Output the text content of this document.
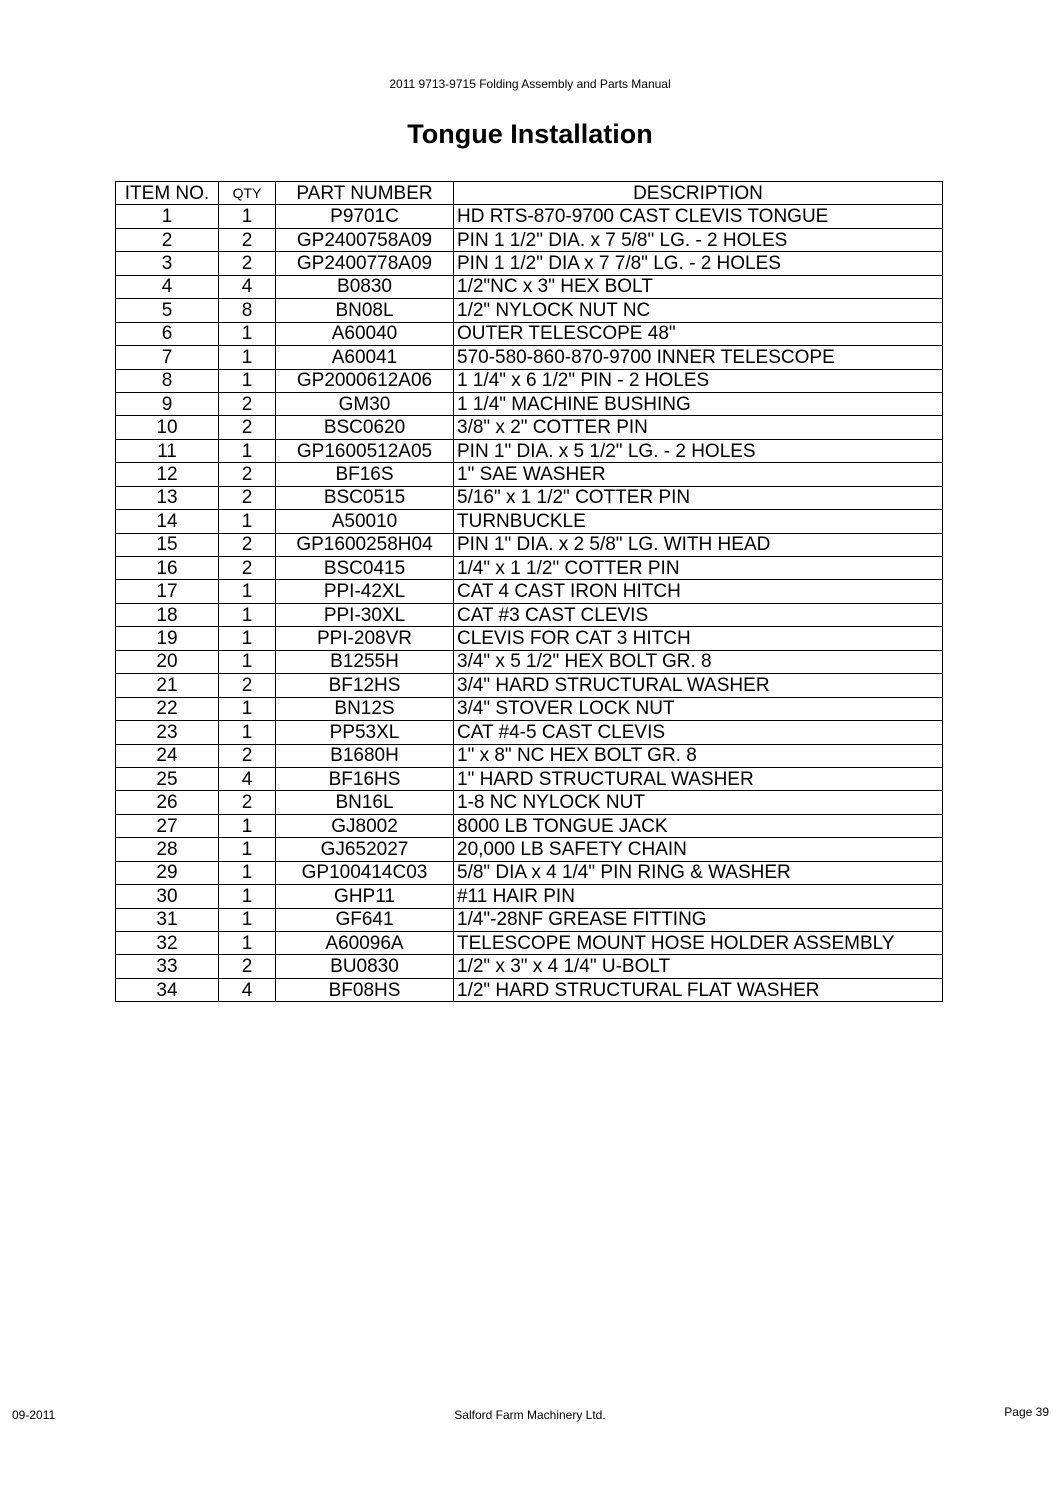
2011 9713-9715 Folding Assembly and Parts Manual
Tongue Installation
ITEM NO.	QTY	PART NUMBER	DESCRIPTION
1	1	P9701C	HD RTS-870-9700 CAST CLEVIS TONGUE
2	2	GP2400758A09	PIN 1 1/2" DIA. x 7 5/8" LG. - 2 HOLES
3	2	GP2400778A09	PIN 1 1/2" DIA x 7 7/8" LG. - 2 HOLES
4	4	B0830	1/2"NC x 3" HEX BOLT
5	8	BN08L	1/2" NYLOCK NUT NC
6	1	A60040	OUTER TELESCOPE 48"
7	1	A60041	570-580-860-870-9700 INNER TELESCOPE
8	1	GP2000612A06	1 1/4" x 6 1/2" PIN - 2 HOLES
9	2	GM30	1 1/4" MACHINE BUSHING
10	2	BSC0620	3/8" x 2" COTTER PIN
11	1	GP1600512A05	PIN 1" DIA. x 5 1/2" LG. - 2 HOLES
12	2	BF16S	1" SAE WASHER
13	2	BSC0515	5/16" x 1 1/2" COTTER PIN
14	1	A50010	TURNBUCKLE
15	2	GP1600258H04	PIN 1" DIA. x 2 5/8" LG. WITH HEAD
16	2	BSC0415	1/4" x 1 1/2" COTTER PIN
17	1	PPI-42XL	CAT 4 CAST IRON HITCH
18	1	PPI-30XL	CAT #3 CAST CLEVIS
19	1	PPI-208VR	CLEVIS FOR CAT 3 HITCH
20	1	B1255H	3/4" x 5 1/2" HEX BOLT GR. 8
21	2	BF12HS	3/4" HARD STRUCTURAL WASHER
22	1	BN12S	3/4" STOVER LOCK NUT
23	1	PP53XL	CAT #4-5 CAST CLEVIS
24	2	B1680H	1" x 8" NC HEX BOLT GR. 8
25	4	BF16HS	1" HARD STRUCTURAL WASHER
26	2	BN16L	1-8 NC NYLOCK NUT
27	1	GJ8002	8000 LB TONGUE JACK
28	1	GJ652027	20,000 LB SAFETY CHAIN
29	1	GP100414C03	5/8" DIA x 4 1/4" PIN RING & WASHER
30	1	GHP11	#11 HAIR PIN
31	1	GF641	1/4"-28NF GREASE FITTING
32	1	A60096A	TELESCOPE MOUNT HOSE HOLDER ASSEMBLY
33	2	BU0830	1/2" x 3" x 4 1/4" U-BOLT
34	4	BF08HS	1/2" HARD STRUCTURAL FLAT WASHER
09-2011	Salford Farm Machinery Ltd.	Page 39
